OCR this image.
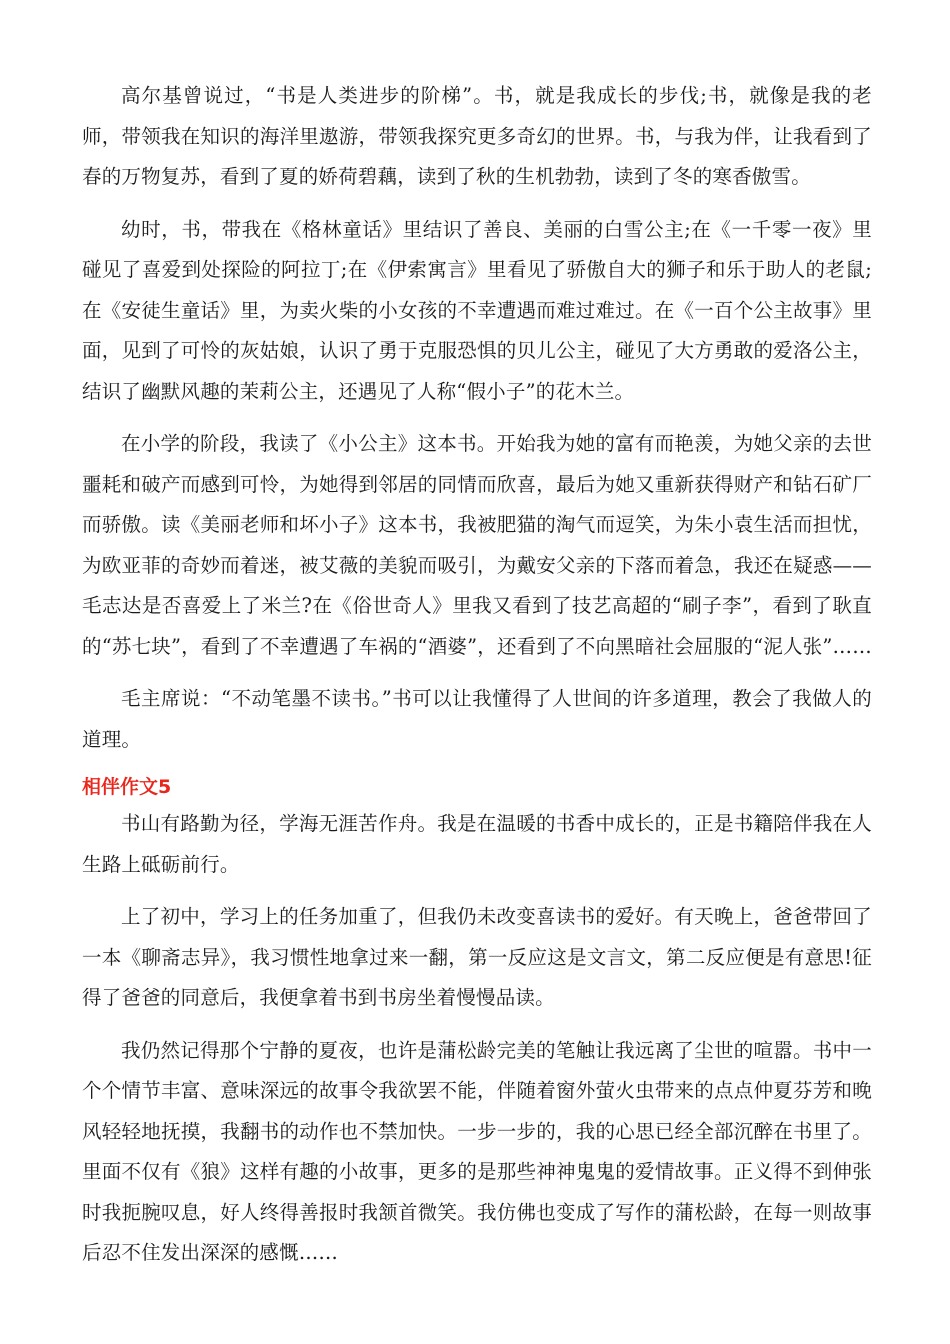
高尔基曾说过，“书是人类进步的阶梯”。书，就是我成长的步伐;书，就像是我的老师，带领我在知识的海洋里遨游，带领我探究更多奇幻的世界。书，与我为伴，让我看到了春的万物复苏，看到了夏的娇荷碧藕，读到了秋的生机勃勃，读到了冬的寒香傲雪。

幼时，书，带我在《格林童话》里结识了善良、美丽的白雪公主;在《一千零一夜》里碰见了喜爱到处探险的阿拉丁;在《伊索寓言》里看见了骄傲自大的狮子和乐于助人的老鼠;在《安徒生童话》里，为卖火柴的小女孩的不幸遭遇而难过难过。在《一百个公主故事》里面，见到了可怜的灰姑娘，认识了勇于克服恐惧的贝儿公主，碰见了大方勇敢的爱洛公主，结识了幽默风趣的茉莉公主，还遇见了人称“假小子”的花木兰。

在小学的阶段，我读了《小公主》这本书。开始我为她的富有而艳羡，为她父亲的去世噩耗和破产而感到可怜，为她得到邻居的同情而欣喜，最后为她又重新获得财产和钻石矿厂而骄傲。读《美丽老师和坏小子》这本书，我被肥猫的淘气而逗笑，为朱小袁生活而担忧，为欧亚菲的奇妙而着迷，被艾薇的美貌而吸引，为戴安父亲的下落而着急，我还在疑惑——毛志达是否喜爱上了米兰?在《俗世奇人》里我又看到了技艺高超的“刷子李”，看到了耿直的“苏七块”，看到了不幸遭遇了车祸的“酒婆”，还看到了不向黑暗社会屈服的“泥人张”……

毛主席说：“不动笔墨不读书。”书可以让我懂得了人世间的许多道理，教会了我做人的道理。

相伴作文5

书山有路勤为径，学海无涯苦作舟。我是在温暖的书香中成长的，正是书籍陪伴我在人生路上砥砺前行。

上了初中，学习上的任务加重了，但我仍未改变喜读书的爱好。有天晚上，爸爸带回了一本《聊斋志异》，我习惯性地拿过来一翻，第一反应这是文言文，第二反应便是有意思!征得了爸爸的同意后，我便拿着书到书房坐着慢慢品读。

我仍然记得那个宁静的夏夜，也许是蒲松龄完美的笔触让我远离了尘世的喧嚣。书中一个个情节丰富、意味深远的故事令我欲罢不能，伴随着窗外萤火虫带来的点点仲夏芬芳和晚风轻轻地抚摸，我翻书的动作也不禁加快。一步一步的，我的心思已经全部沉醉在书里了。里面不仅有《狼》这样有趣的小故事，更多的是那些神神鬼鬼的爱情故事。正义得不到伸张时我扼腕叹息，好人终得善报时我颔首微笑。我仿佛也变成了写作的蒲松龄，在每一则故事后忍不住发出深深的感慨……
